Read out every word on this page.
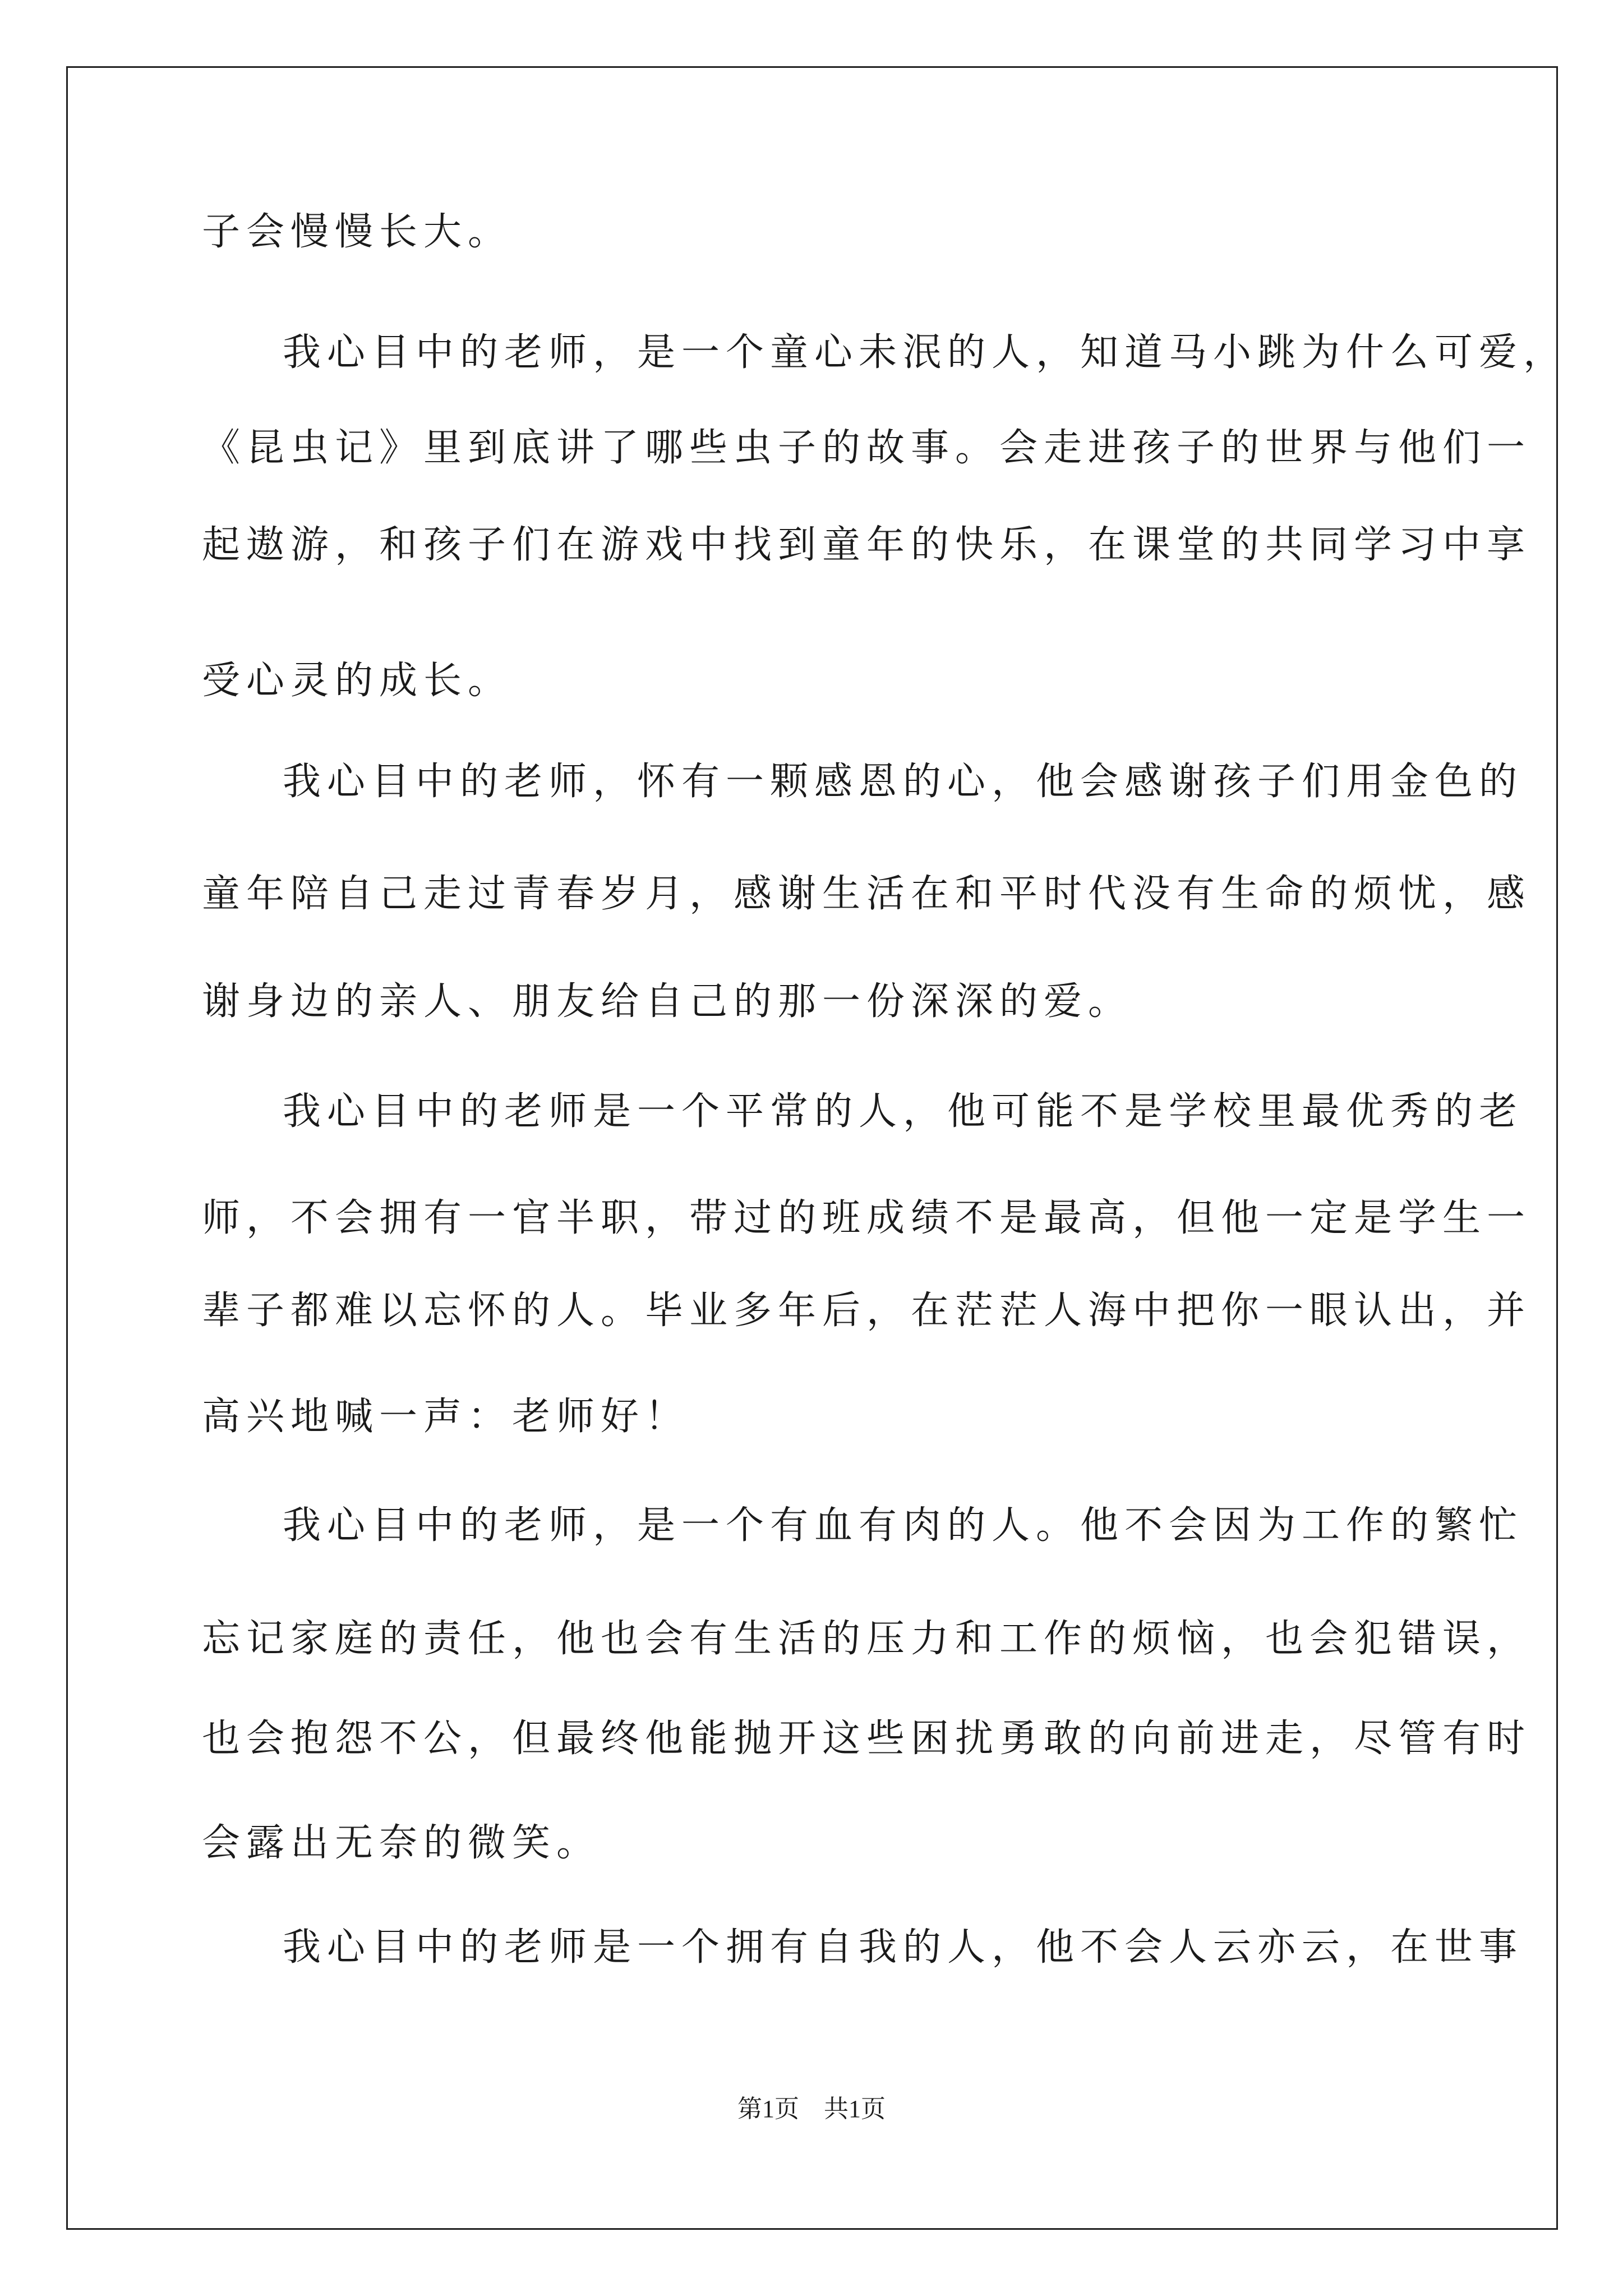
子会慢慢长大。
我心目中的老师，是一个童心未泯的人，知道马小跳为什么可爱，
《昆虫记》里到底讲了哪些虫子的故事。会走进孩子的世界与他们一
起遨游，和孩子们在游戏中找到童年的快乐，在课堂的共同学习中享
受心灵的成长。
我心目中的老师，怀有一颗感恩的心，他会感谢孩子们用金色的
童年陪自己走过青春岁月，感谢生活在和平时代没有生命的烦忧，感
谢身边的亲人、朋友给自己的那一份深深的爱。
我心目中的老师是一个平常的人，他可能不是学校里最优秀的老
师，不会拥有一官半职，带过的班成绩不是最高，但他一定是学生一
辈子都难以忘怀的人。毕业多年后，在茫茫人海中把你一眼认出，并
高兴地喊一声：老师好！
我心目中的老师，是一个有血有肉的人。他不会因为工作的繁忙
忘记家庭的责任，他也会有生活的压力和工作的烦恼，也会犯错误，
也会抱怨不公，但最终他能抛开这些困扰勇敢的向前进走，尽管有时
会露出无奈的微笑。
我心目中的老师是一个拥有自我的人，他不会人云亦云，在世事
第1页 共1页
